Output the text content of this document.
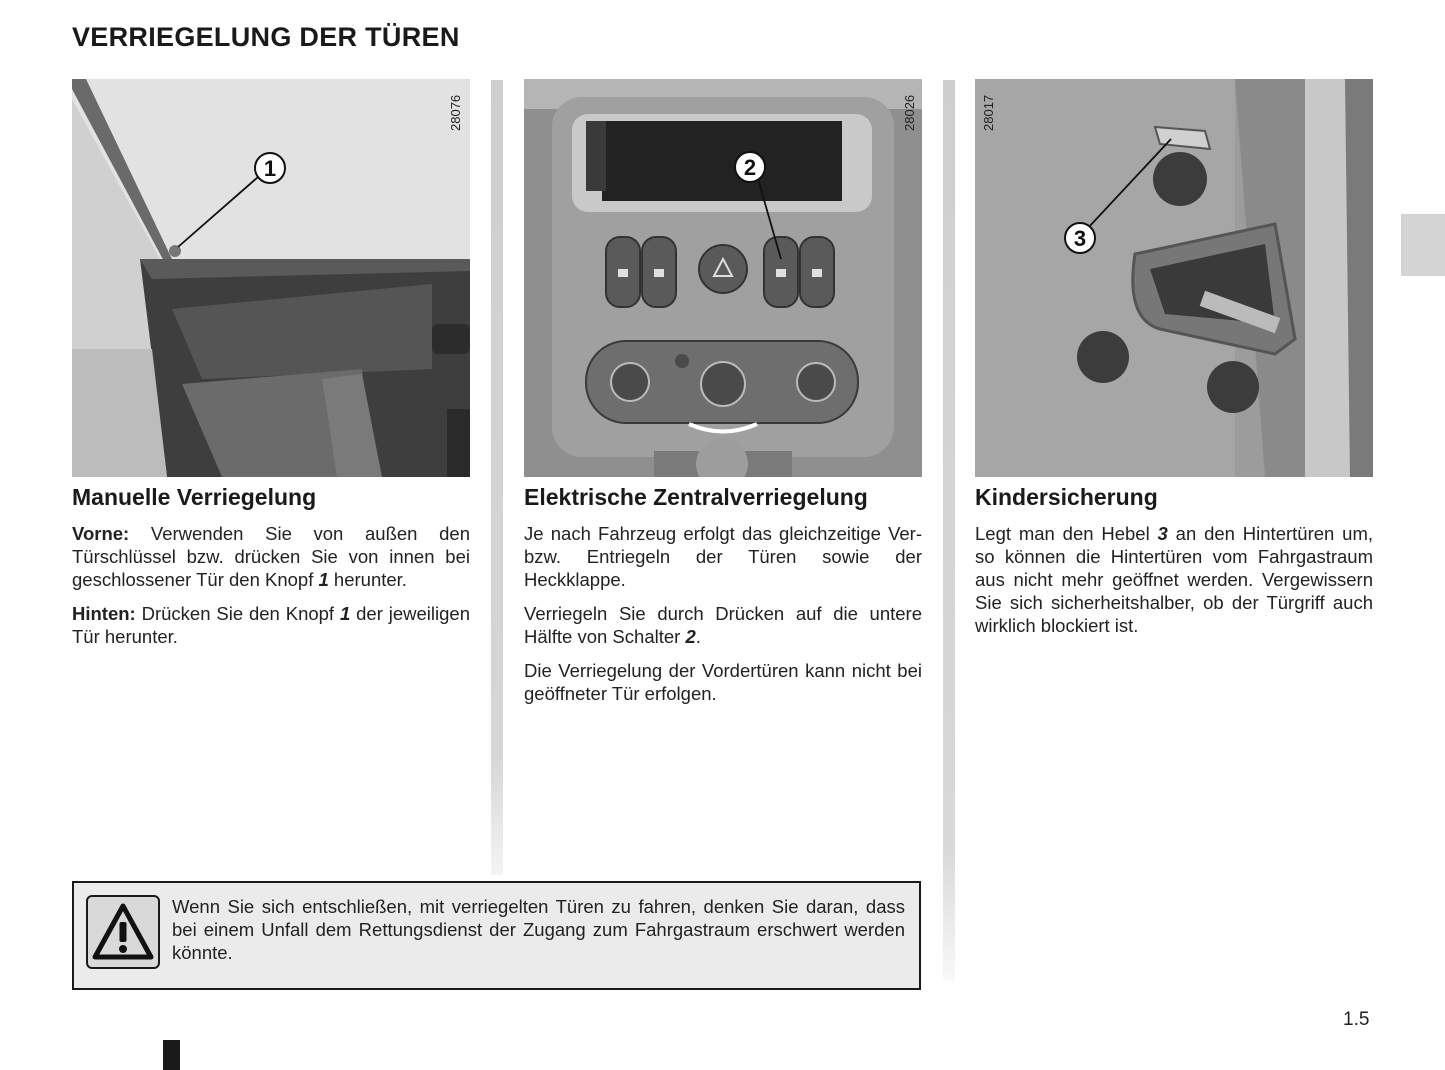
VERRIEGELUNG DER TÜREN
1
28076
2
28026
3
28017
Manuelle Verriegelung

Vorne: Verwenden Sie von außen den Türschlüssel bzw. drücken Sie von innen bei geschlossener Tür den Knopf 1 herunter.

Hinten: Drücken Sie den Knopf 1 der jeweiligen Tür herunter.

Elektrische Zentralverriegelung

Je nach Fahrzeug erfolgt das gleichzeitige Ver- bzw. Entriegeln der Türen sowie der Heckklappe.

Verriegeln Sie durch Drücken auf die untere Hälfte von Schalter 2.

Die Verriegelung der Vordertüren kann nicht bei geöffneter Tür erfolgen.

Kindersicherung

Legt man den Hebel 3 an den Hintertüren um, so können die Hintertüren vom Fahrgastraum aus nicht mehr geöffnet werden. Vergewissern Sie sich sicherheitshalber, ob der Türgriff auch wirklich blockiert ist.

Wenn Sie sich entschließen, mit verriegelten Türen zu fahren, denken Sie daran, dass bei einem Unfall dem Rettungsdienst der Zugang zum Fahrgastraum erschwert werden könnte.
1.5
